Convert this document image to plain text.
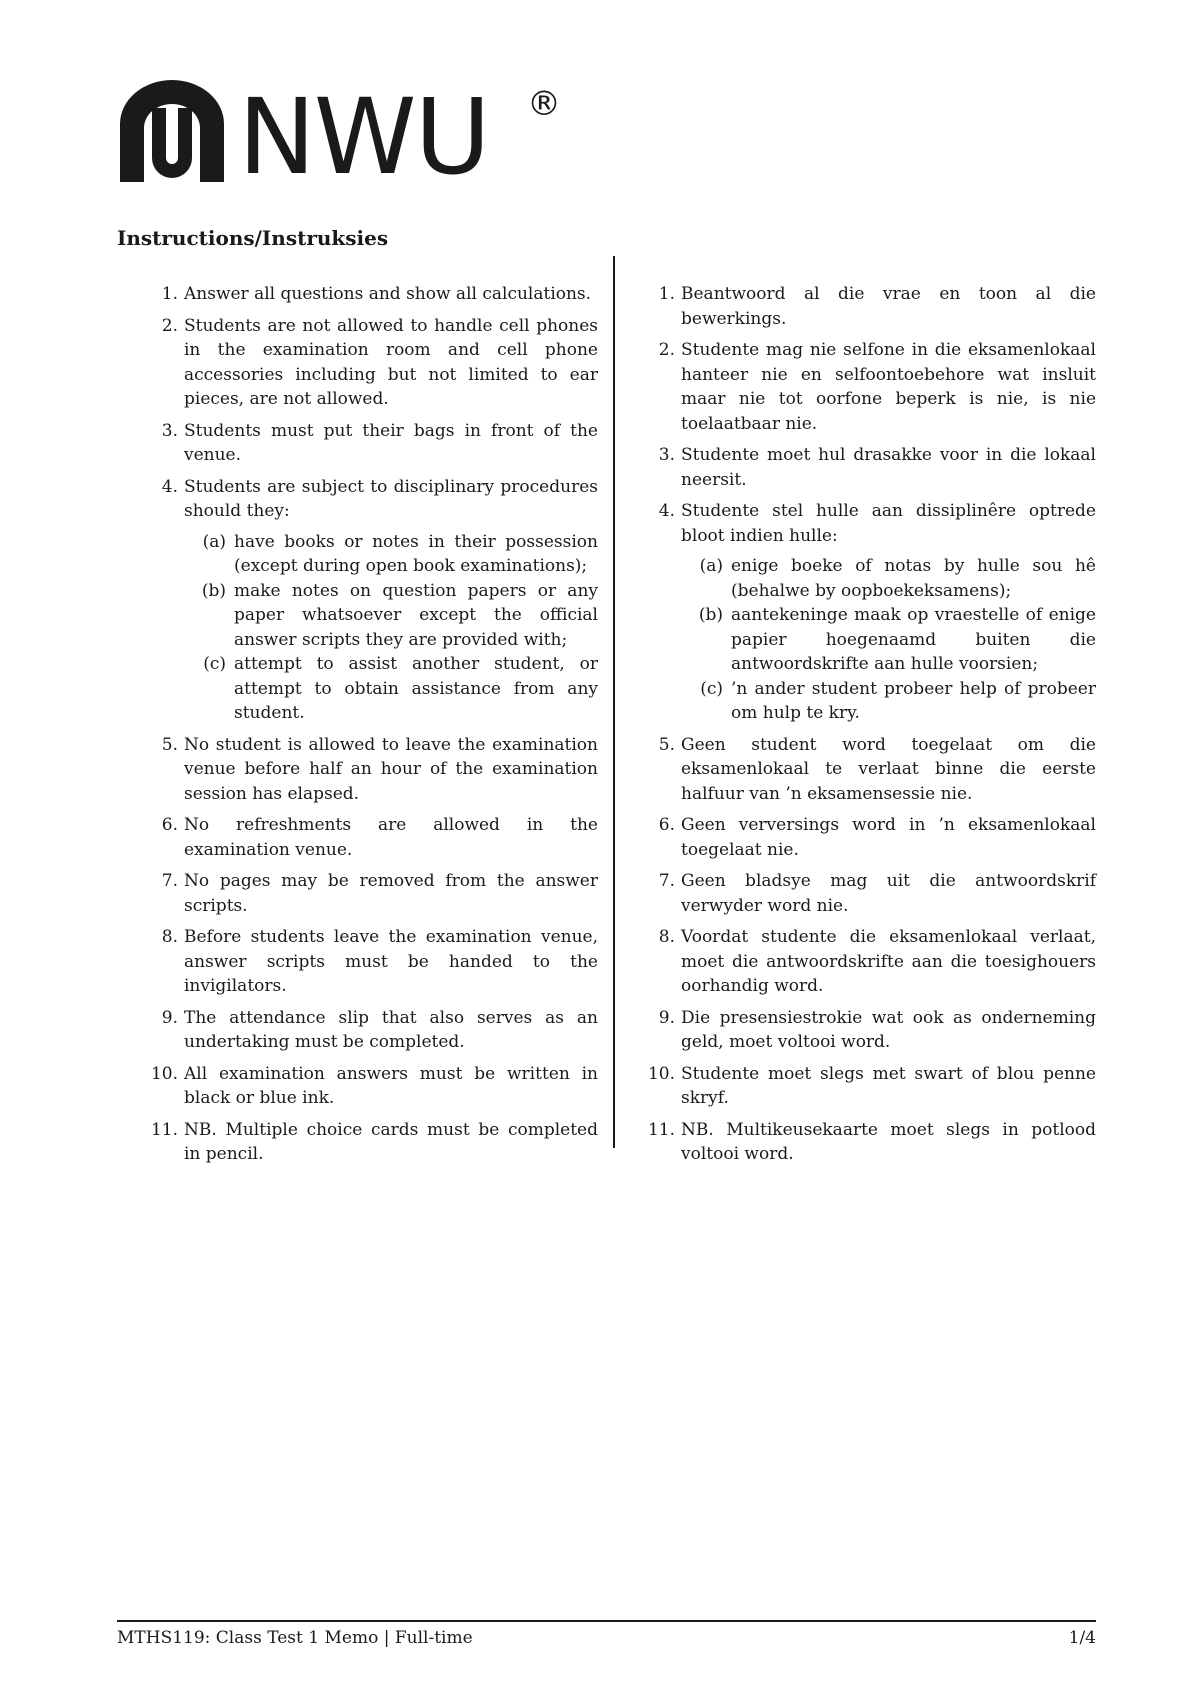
NWU ®
Instructions/Instruksies
1. Answer all questions and show all calculations.
2. Students are not allowed to handle cell phones in the examination room and cell phone accessories including but not limited to ear pieces, are not allowed.
3. Students must put their bags in front of the venue.
4. Students are subject to disciplinary procedures should they:
(a) have books or notes in their possession (except during open book examinations);
(b) make notes on question papers or any paper whatsoever except the official answer scripts they are provided with;
(c) attempt to assist another student, or attempt to obtain assistance from any student.
5. No student is allowed to leave the examination venue before half an hour of the examination session has elapsed.
6. No refreshments are allowed in the examination venue.
7. No pages may be removed from the answer scripts.
8. Before students leave the examination venue, answer scripts must be handed to the invigilators.
9. The attendance slip that also serves as an undertaking must be completed.
10. All examination answers must be written in black or blue ink.
11. NB. Multiple choice cards must be completed in pencil.
1. Beantwoord al die vrae en toon al die bewerkings.
2. Studente mag nie selfone in die eksamenlokaal hanteer nie en selfoontoebehore wat insluit maar nie tot oorfone beperk is nie, is nie toelaatbaar nie.
3. Studente moet hul drasakke voor in die lokaal neersit.
4. Studente stel hulle aan dissiplinêre optrede bloot indien hulle:
(a) enige boeke of notas by hulle sou hê (behalwe by oopboekeksamens);
(b) aantekeninge maak op vraestelle of enige papier hoegenaamd buiten die antwoordskrifte aan hulle voorsien;
(c) ’n ander student probeer help of probeer om hulp te kry.
5. Geen student word toegelaat om die eksamenlokaal te verlaat binne die eerste halfuur van ’n eksamensessie nie.
6. Geen verversings word in ’n eksamenlokaal toegelaat nie.
7. Geen bladsye mag uit die antwoordskrif verwyder word nie.
8. Voordat studente die eksamenlokaal verlaat, moet die antwoordskrifte aan die toesighouers oorhandig word.
9. Die presensiestrokie wat ook as onderneming geld, moet voltooi word.
10. Studente moet slegs met swart of blou penne skryf.
11. NB. Multikeusekaarte moet slegs in potlood voltooi word.
MTHS119: Class Test 1 Memo | Full-time	1/4
